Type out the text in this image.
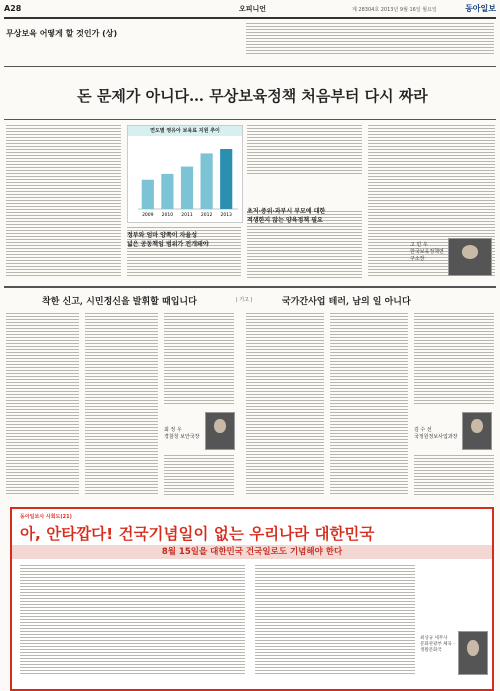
A28	오피니언	제 28304호 2013년 9월 16일 월요일	동아일보
무상보육 어떻게 할 것인가 (상)
돈 문제가 아니다… 무상보육정책 처음부터 다시 짜라
연도별 영유아 보육료 지원 추이
2009 2010 2011 2012 2013
정부와 엄마 양쪽이 자율성
넓은 공동책임 범위가 전개돼야
초저·중위·과부시 부모에 대한
적생한지 않는 양육정책 필요
고 민 우
한국보육정책연구소장
착한 신고, 시민정신을 발휘할 때입니다	| 기고 |	국가간사업 테러, 남의 일 아니다
최 정 우
경찰청 보안국장
김 수 선
국정원정보사업과장
동아일보사 사회도(21)
아, 안타깝다! 건국기념일이 없는 우리나라 대한민국
8월 15일을 대한민국 건국일로도 기념해야 한다
최상규 세무사
문화관광부 체육 · 생활문화국
